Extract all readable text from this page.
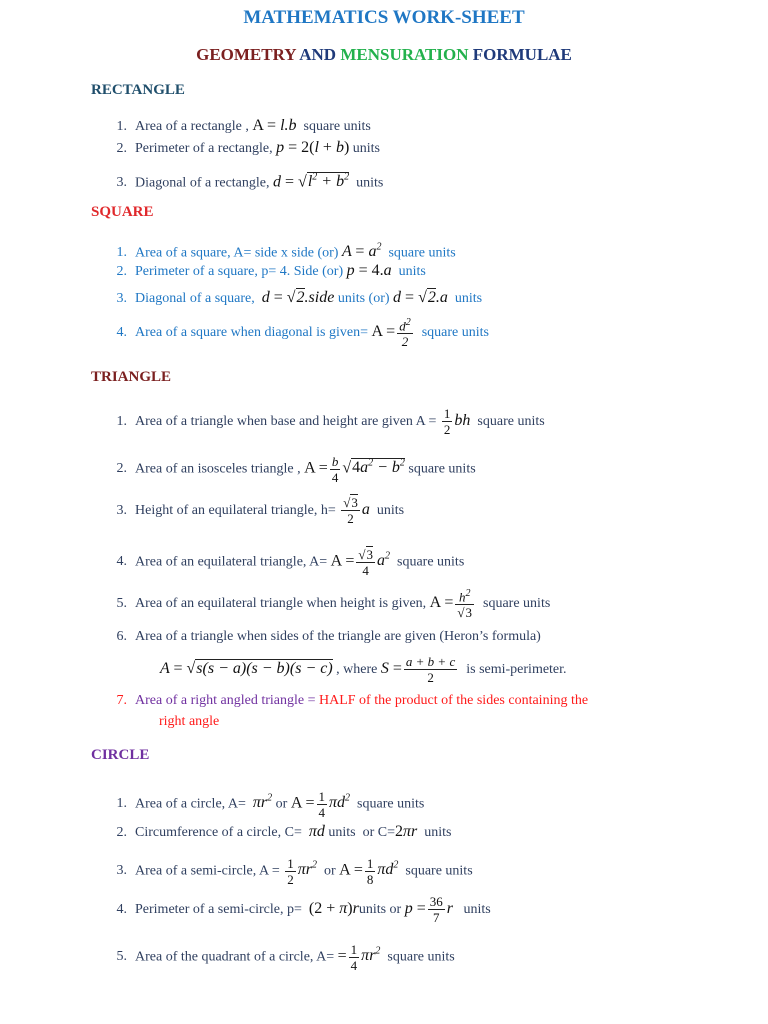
MATHEMATICS WORK-SHEET
GEOMETRY AND MENSURATION FORMULAE
RECTANGLE
1. Area of a rectangle , A = l.b square units
2. Perimeter of a rectangle, p = 2(l + b) units
3. Diagonal of a rectangle, $d = √l^2 + b^2$ units
SQUARE
1. Area of a square, A= side x side (or) $A = a^2$ square units
2. Perimeter of a square, p= 4. Side (or) p = 4.a units
3. Diagonal of a square, d = √2.side units (or) d = √2.a units
4. Area of a square when diagonal is given= $A = \frac{d^2}{2}$ square units
TRIANGLE
1. Area of a triangle when base and height are given $A = \frac{1}{2}$ bh square units
2. Area of an isosceles triangle , $A = \frac{b}{4} √4a^2 - b^2$ square units
3. Height of an equilateral triangle, $h= \frac{√3}{2}$ a units
4. Area of an equilateral triangle, $A= A = \frac{√3}{4} a^2$ square units
5. Area of an equilateral triangle when height is given, $A = \frac{h^2}{√3}$ square units
6. Area of a triangle when sides of the triangle are given (Heron’s formula)
A = √s(s − a)(s − b)(s − c) , where $S = \frac{a + b + c}{2}$ is semi-perimeter.
7. Area of a right angled triangle = HALF of the product of the sides containing the
right angle
CIRCLE
1. Area of a circle, $A= \pi r^2$ or $A = \frac{1}{4} \pi d^2$ square units
2. Circumference of a circle, C= πd units or C=2πr units
3. Area of a semi-circle, $A = \frac{1}{2} \pi r^2$ or $A = \frac{1}{8} \pi d^2$ square units
4. Perimeter of a semi-circle, p= (2 + π)runits or $p = \frac{36}{7}$ r units
5. Area of the quadrant of a circle, $A= = \frac{1}{4} \pi r^2$ square units
